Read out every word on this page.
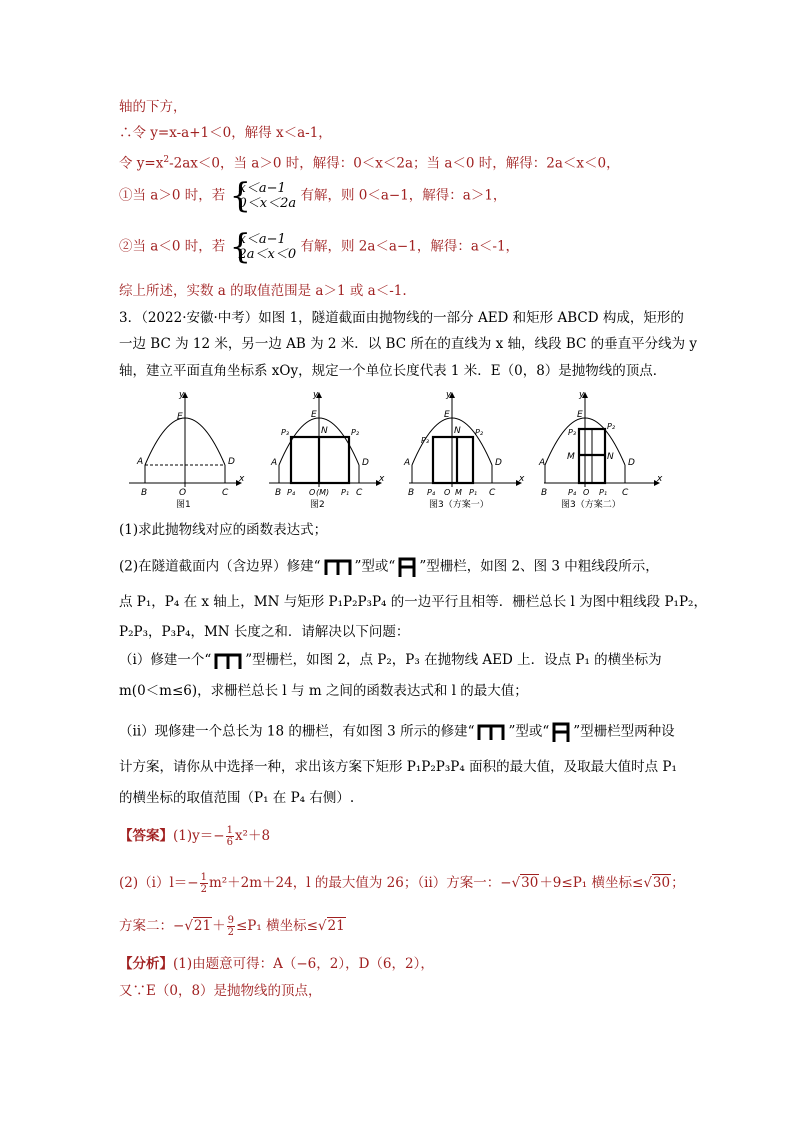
轴的下方，
∴令 y=x-a+1＜0，解得 x＜a-1，
令 $y=x^2-2ax<0$，当 a＞0 时，解得：0＜x＜2a；当 a＜0 时，解得：2a＜x＜0，
①当 a＞0 时，若 {
x＜a−1
0＜x＜2a 有解，则 0＜a−1，解得：a＞1，
②当 a＜0 时，若 {
x＜a−1
2a＜x＜0 有解，则 2a＜a−1，解得：a＜-1，
综上所述，实数 a 的取值范围是 a＞1 或 a＜-1.
3．（2022·安徽·中考）如图 1，隧道截面由抛物线的一部分 AED 和矩形 ABCD 构成，矩形的
一边 BC 为 12 米，另一边 AB 为 2 米．以 BC 所在的直线为 x 轴，线段 BC 的垂直平分线为 y
轴，建立平面直角坐标系 xOy，规定一个单位长度代表 1 米．E（0，8）是抛物线的顶点．
y
E
A	D
B	O	C
x
图1
y
E
N
P₃	P₂
A	D
B P₄ O (M) P₁ C
x
图2
y
E
N
P₃
P₂
A	D
B P₄ O M P₁ C
x
图3（方案一）
y
E
P₃
P₂
M	N
A	D
B	P₄ O P₁ C
x
图3（方案二）
(1)求此抛物线对应的函数表达式；
(2)在隧道截面内（含边界）修建“	”型或“ ”型栅栏，如图 2、图 3 中粗线段所示，
点 P₁，P₄ 在 x 轴上，MN 与矩形 P₁P₂P₃P₄ 的一边平行且相等．栅栏总长 l 为图中粗线段 P₁P₂，
P₂P₃，P₃P₄，MN 长度之和．请解决以下问题：
（ⅰ）修建一个“	”型栅栏，如图 2，点 P₂，P₃ 在抛物线 AED 上．设点 P₁ 的横坐标为
m(0＜m≤6)，求栅栏总长 l 与 m 之间的函数表达式和 l 的最大值；
（ⅱ）现修建一个总长为 18 的栅栏，有如图 3 所示的修建“	”型或“ ”型栅栏型两种设
计方案，请你从中选择一种，求出该方案下矩形 P₁P₂P₃P₄ 面积的最大值，及取最大值时点 P₁
的横坐标的取值范围（P₁ 在 P₄ 右侧）.
【答案】$(1)y=- \frac{1}{6} x^2+8$
(2)（ⅰ）l＝− $\frac{1}{2} m^2+2m+24$，l 的最大值为 26；（ⅱ）方案一：−√30＋9≤P₁ 横坐标≤√30；
方案二：$-√21+ \frac{9}{2} \le P_1$ 横坐标≤√21
【分析】(1)由题意可得：A（−6，2），D（6，2），
又∵E（0，8）是抛物线的顶点，
